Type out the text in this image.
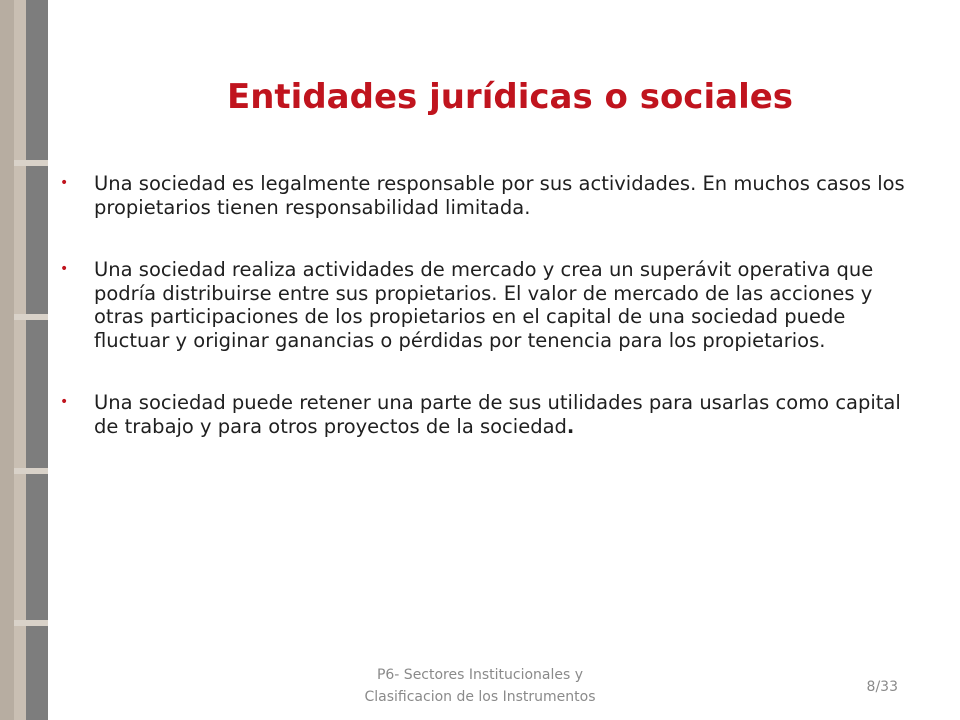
Entidades jurídicas o sociales
• Una sociedad es legalmente responsable por sus actividades. En muchos casos los propietarios tienen responsabilidad limitada.
• Una sociedad realiza actividades de mercado y crea un superávit operativa que podría distribuirse entre sus propietarios. El valor de mercado de las acciones y otras participaciones de los propietarios en el capital de una sociedad puede fluctuar y originar ganancias o pérdidas por tenencia para los propietarios.
• Una sociedad puede retener una parte de sus utilidades para usarlas como capital de trabajo y para otros proyectos de la sociedad.
P6- Sectores Institucionales y
Clasificacion de los Instrumentos
8/33
